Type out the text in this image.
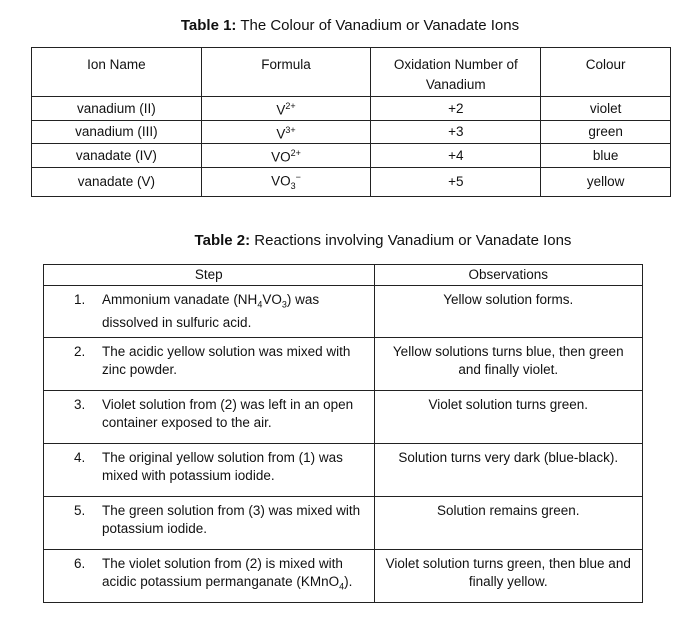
Table 1: The Colour of Vanadium or Vanadate Ions
Ion Name	Formula	Oxidation Number of Vanadium	Colour
vanadium (II)	$V^{2+}$	+2	violet
vanadium (III)	$V^{3+}$	+3	green
vanadate (IV)	$VO^{2+}$	+4	blue
vanadate (V)	$VO_3^-$	+5	yellow
Table 2: Reactions involving Vanadium or Vanadate Ions
Step	Observations

1. Ammonium vanadate $(NH_4VO_3)$ was dissolved in sulfuric acid.	Yellow solution forms.

2. The acidic yellow solution was mixed with zinc powder.	Yellow solutions turns blue, then green and finally violet.

3. Violet solution from (2) was left in an open container exposed to the air.	Violet solution turns green.

4. The original yellow solution from (1) was mixed with potassium iodide.	Solution turns very dark (blue-black).

5. The green solution from (3) was mixed with potassium iodide.	Solution remains green.

6. The violet solution from (2) is mixed with acidic potassium permanganate (KMnO$_4$).	Violet solution turns green, then blue and finally yellow.
